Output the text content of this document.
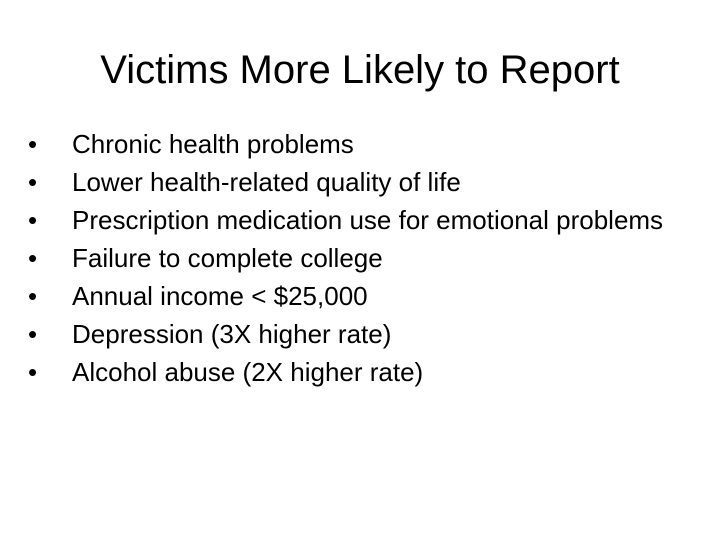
Victims More Likely to Report
•	Chronic health problems
•	Lower health-related quality of life
•	Prescription medication use for emotional problems
•	Failure to complete college
•	Annual income < $25,000
•	Depression (3X higher rate)
•	Alcohol abuse (2X higher rate)
